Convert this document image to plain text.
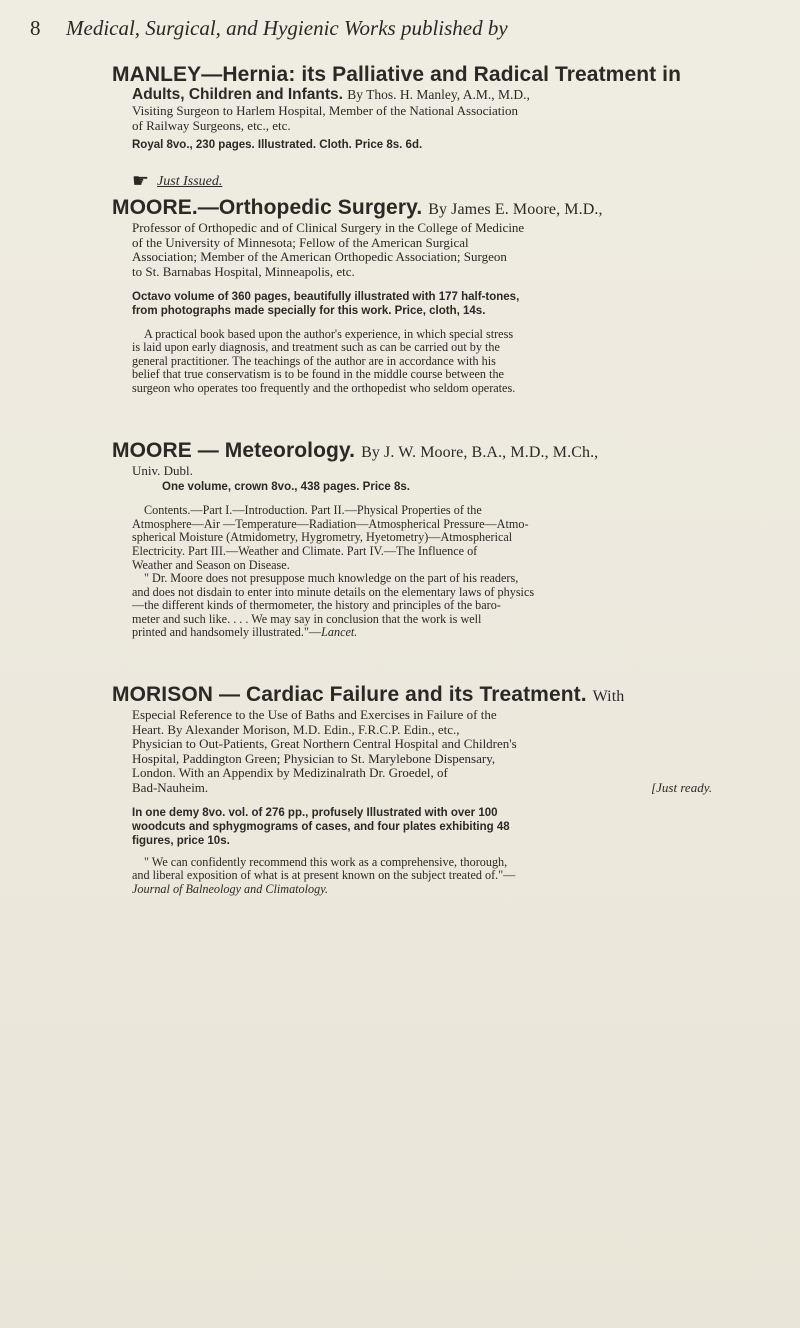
8 Medical, Surgical, and Hygienic Works published by

MANLEY—Hernia: its Palliative and Radical Treatment in

Adults, Children and Infants. By Thos. H. Manley, A.M., M.D.,

Visiting Surgeon to Harlem Hospital, Member of the National Association

of Railway Surgeons, etc., etc.

Royal 8vo., 230 pages. Illustrated. Cloth. Price 8s. 6d.

☛ Just Issued.

MOORE.—Orthopedic Surgery. By James E. Moore, M.D.,

Professor of Orthopedic and of Clinical Surgery in the College of Medicine

of the University of Minnesota; Fellow of the American Surgical

Association; Member of the American Orthopedic Association; Surgeon

to St. Barnabas Hospital, Minneapolis, etc.

Octavo volume of 360 pages, beautifully illustrated with 177 half-tones,

from photographs made specially for this work. Price, cloth, 14s.

A practical book based upon the author's experience, in which special stress

is laid upon early diagnosis, and treatment such as can be carried out by the

general practitioner. The teachings of the author are in accordance with his

belief that true conservatism is to be found in the middle course between the

surgeon who operates too frequently and the orthopedist who seldom operates.

MOORE — Meteorology. By J. W. Moore, B.A., M.D., M.Ch.,

Univ. Dubl.

One volume, crown 8vo., 438 pages. Price 8s.

Contents.—Part I.—Introduction. Part II.—Physical Properties of the

Atmosphere—Air —Temperature—Radiation—Atmospherical Pressure—Atmo-

spherical Moisture (Atmidometry, Hygrometry, Hyetometry)—Atmospherical

Electricity. Part III.—Weather and Climate. Part IV.—The Influence of

Weather and Season on Disease.

" Dr. Moore does not presuppose much knowledge on the part of his readers,

and does not disdain to enter into minute details on the elementary laws of physics

—the different kinds of thermometer, the history and principles of the baro-

meter and such like. . . . We may say in conclusion that the work is well

printed and handsomely illustrated."—Lancet.

MORISON — Cardiac Failure and its Treatment. With

Especial Reference to the Use of Baths and Exercises in Failure of the

Heart. By Alexander Morison, M.D. Edin., F.R.C.P. Edin., etc.,

Physician to Out-Patients, Great Northern Central Hospital and Children's

Hospital, Paddington Green; Physician to St. Marylebone Dispensary,

London. With an Appendix by Medizinalrath Dr. Groedel, of

Bad-Nauheim.	[Just ready.

In one demy 8vo. vol. of 276 pp., profusely Illustrated with over 100

woodcuts and sphygmograms of cases, and four plates exhibiting 48

figures, price 10s.

" We can confidently recommend this work as a comprehensive, thorough,

and liberal exposition of what is at present known on the subject treated of."—

Journal of Balneology and Climatology.
